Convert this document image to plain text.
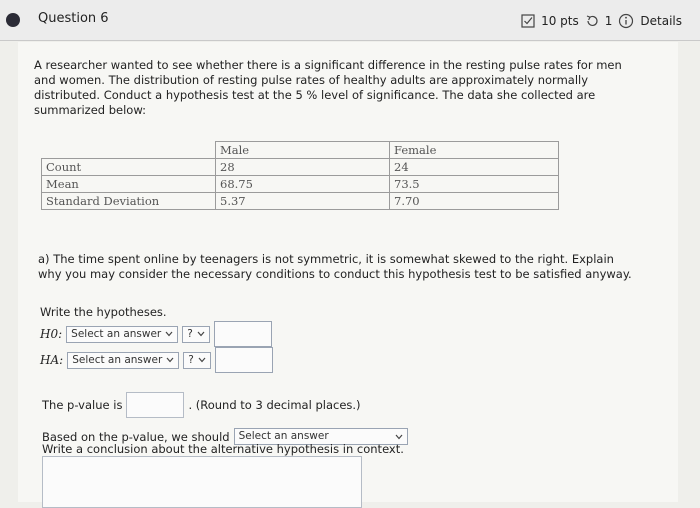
Question 6	10 pts 1 Details
A researcher wanted to see whether there is a significant difference in the resting pulse rates for men and women. The distribution of resting pulse rates of healthy adults are approximately normally distributed. Conduct a hypothesis test at the 5 % level of significance. The data she collected are summarized below:
	Male	Female
Count	28	24
Mean	68.75	73.5
Standard Deviation	5.37	7.70
a) The time spent online by teenagers is not symmetric, it is somewhat skewed to the right. Explain why you may consider the necessary conditions to conduct this hypothesis test to be satisfied anyway.
Write the hypotheses.
H0: Select an answer ?
HA: Select an answer ?
The p-value is	. (Round to 3 decimal places.)
Based on the p-value, we should Select an answer
Write a conclusion about the alternative hypothesis in context.
